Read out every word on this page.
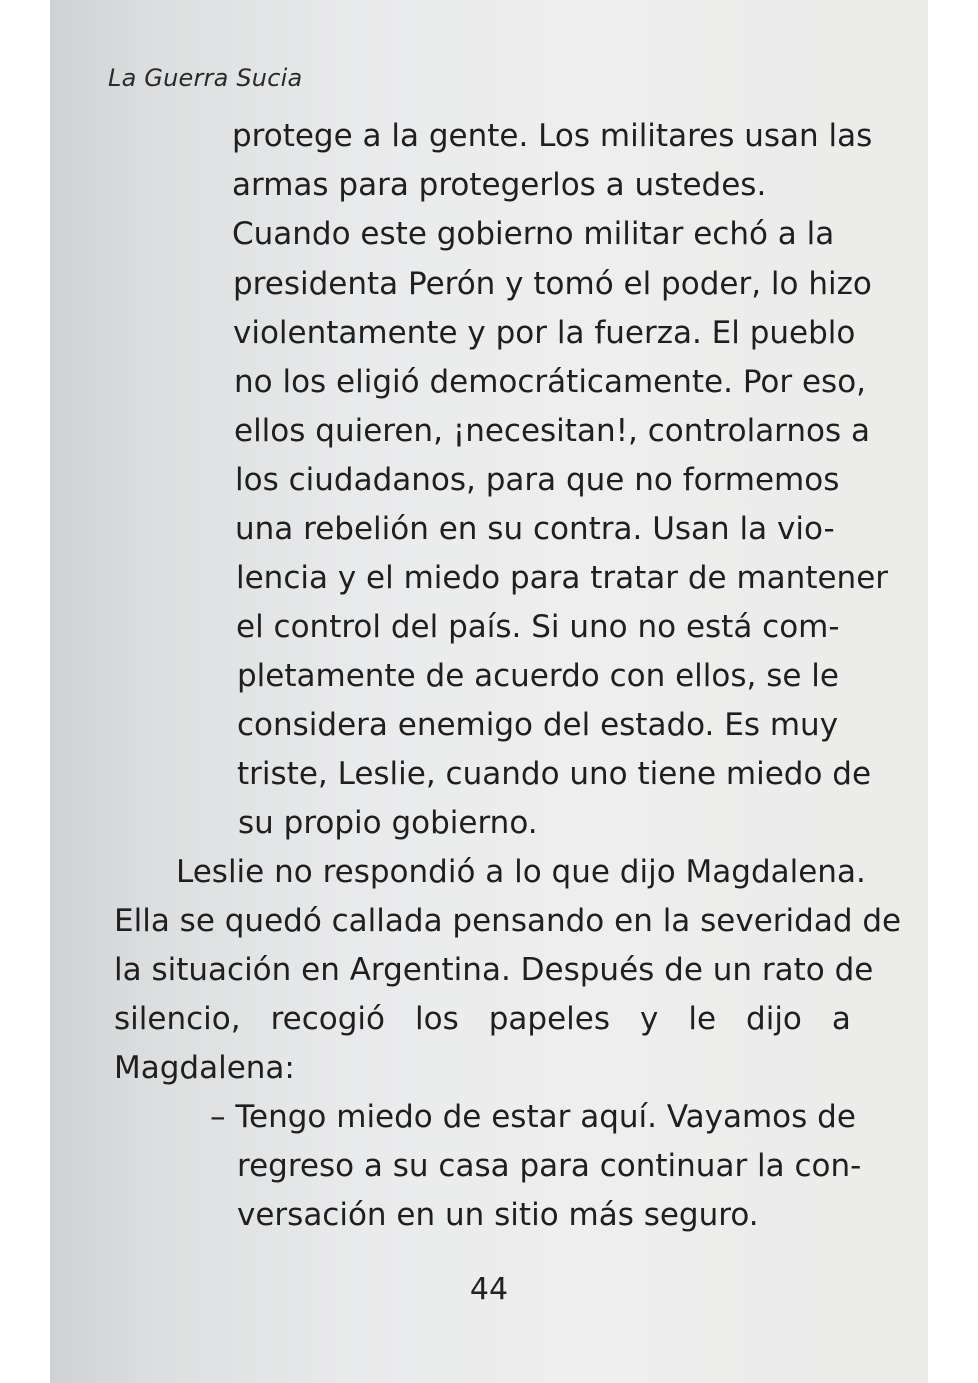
La Guerra Sucia
protege a la gente. Los militares usan las
armas para protegerlos a ustedes.
Cuando este gobierno militar echó a la
presidenta Perón y tomó el poder, lo hizo
violentamente y por la fuerza. El pueblo
no los eligió democráticamente. Por eso,
ellos quieren, ¡necesitan!, controlarnos a
los ciudadanos, para que no formemos
una rebelión en su contra. Usan la vio-
lencia y el miedo para tratar de mantener
el control del país. Si uno no está com-
pletamente de acuerdo con ellos, se le
considera enemigo del estado. Es muy
triste, Leslie, cuando uno tiene miedo de
su propio gobierno.
Leslie no respondió a lo que dijo Magdalena.
Ella se quedó callada pensando en la severidad de
la situación en Argentina. Después de un rato de
silencio, recogió los papeles y le dijo a
Magdalena:
– Tengo miedo de estar aquí. Vayamos de
regreso a su casa para continuar la con-
versación en un sitio más seguro.
44
